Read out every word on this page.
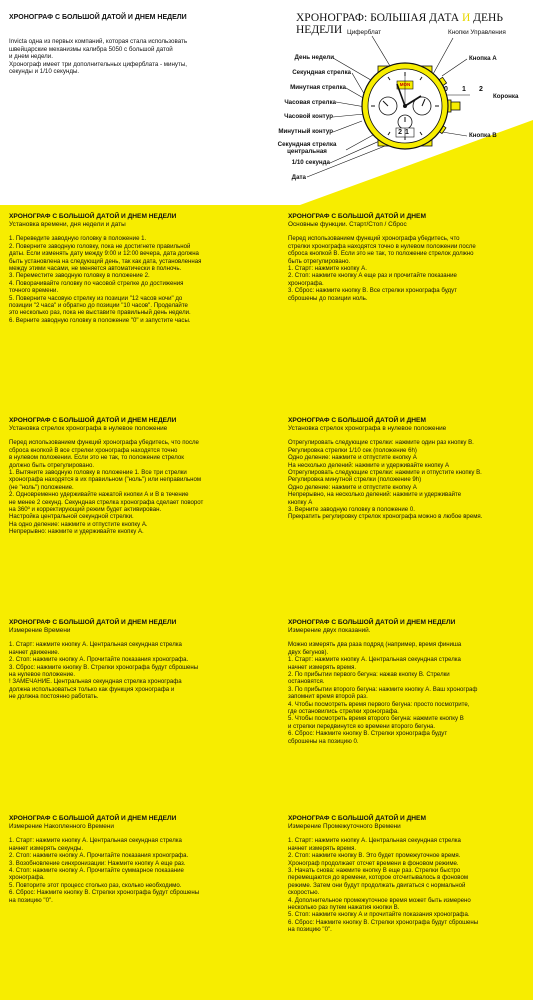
ХРОНОГРАФ С БОЛЬШОЙ ДАТОЙ И ДНЕМ НЕДЕЛИ
Invicta одна из первых компаний, которая стала использовать
швейцарские механизмы калибра 5050 с большой датой
и днем недели.
Хронограф имеет три дополнительных циферблата - минуты,
секунды и 1/10 секунды.
ХРОНОГРАФ: БОЛЬШАЯ ДАТА И ДЕНЬ НЕДЕЛИ
MON
21
Циферблат	Кнопки Управления
Кнопка А
Коронка
Кнопка В
0 1 2
День недели
Секундная стрелка
Минутная стрелка
Часовая стрелка
Часовой контур
Минутный контур
Секундная стрелка центральная
1/10 секунда
Дата
ХРОНОГРАФ С БОЛЬШОЙ ДАТОЙ И ДНЕМ НЕДЕЛИ
Установка времени, дня недели и даты
1. Переведите заводную головку в положение 1.
2. Поверните заводную головку, пока не достигнете правильной
даты. Если изменять дату между 9:00 и 12:00 вечера, дата должна
быть установлена на следующий день, так как дата, установленная
между этими часами, не меняется автоматически в полночь.
3. Переместите заводную головку в положение 2.
4. Поворачивайте головку по часовой стрелке до достижения
точного времени.
5. Поверните часовую стрелку из позиции "12 часов ночи" до
позиции "2 часа" и обратно до позиции "10 часов". Проделайте
это несколько раз, пока не выставите правильный день недели.
6. Верните заводную головку в положение "0" и запустите часы.
ХРОНОГРАФ С БОЛЬШОЙ ДАТОЙ И ДНЕМ
Основные функции. Старт/Стоп / Сброс
Перед использованием функций хронографа убедитесь, что
стрелки хронографа находятся точно в нулевом положении после
сброса кнопкой В. Если это не так, то положение стрелок должно
быть отрегулировано.
1. Старт: нажмите кнопку А.
2. Стоп: нажмите кнопку А еще раз и прочитайте показание
хронографа.
3. Сброс: нажмите кнопку В. Все стрелки хронографа будут
сброшены до позиции ноль.
ХРОНОГРАФ С БОЛЬШОЙ ДАТОЙ И ДНЕМ НЕДЕЛИ
Установка стрелок хронографа в нулевое положение
Перед использованием функций хронографа убедитесь, что после
сброса кнопкой В все стрелки хронографа находятся точно
в нулевом положении. Если это не так, то положение стрелок
должно быть отрегулировано.
1. Вытяните заводную головку в положение 1. Все три стрелки
хронографа находятся в их правильном ("ноль") или неправильном
(не "ноль") положение.
2. Одновременно удерживайте нажатой кнопки А и В в течение
не менее 2 секунд. Секундная стрелка хронографа сделает поворот
на 360º и корректирующий режим будет активирован.
Настройка центральной секундной стрелки.
На одно деление: нажмите и отпустите кнопку А.
Непрерывно: нажмите и удерживайте кнопку А.
ХРОНОГРАФ С БОЛЬШОЙ ДАТОЙ И ДНЕМ
Установка стрелок хронографа в нулевое положение
Отрегулировать следующие стрелки: нажмите один раз кнопку В.
Регулировка стрелки 1/10 сек (положение 6h)
Одно деление: нажмите и отпустите кнопку А
На несколько делений: нажмите и удерживайте кнопку А
Отрегулировать следующие стрелки: нажмите и отпустите кнопку В.
Регулировка минутной стрелки (положение 9h)
Одно деление: нажмите и отпустите кнопку А
Непрерывно, на несколько делений: нажмите и удерживайте
кнопку А
3. Верните заводную головку в положение 0.
Прекратить регулировку стрелок хронографа можно в любое время.
ХРОНОГРАФ С БОЛЬШОЙ ДАТОЙ И ДНЕМ НЕДЕЛИ
Измерение Времени
1. Старт: нажмите кнопку А. Центральная секундная стрелка
начнет движение.
2. Стоп: нажмите кнопку А. Прочитайте показания хронографа.
3. Сброс: нажмите кнопку В. Стрелки хронографа будут сброшены
на нулевое положение.
! ЗАМЕЧАНИЕ. Центральная секундная стрелка хронографа
должна использоваться только как функция хронографа и
не должна постоянно работать.
ХРОНОГРАФ С БОЛЬШОЙ ДАТОЙ И ДНЕМ НЕДЕЛИ
Измерение двух показаний.
Можно измерять два раза подряд (например, время финиша
двух бегунов).
1. Старт: нажмите кнопку А. Центральная секундная стрелка
начнет измерять время.
2. По прибытии первого бегуна: нажав кнопку В. Стрелки
остановятся.
3. По прибытии второго бегуна: нажмите кнопку А. Ваш хронограф
запомнит время второй раз.
4. Чтобы посмотреть время первого бегуна: просто посмотрите,
где остановились стрелки хронографа.
5. Чтобы посмотреть время второго бегуна: нажмите кнопку В
и стрелки передвинутся ко времени второго бегуна.
6. Сброс: Нажмите кнопку В. Стрелки хронографа будут
сброшены на позицию 0.
ХРОНОГРАФ С БОЛЬШОЙ ДАТОЙ И ДНЕМ НЕДЕЛИ
Измерение Накопленного Времени
1. Старт: нажмите кнопку А. Центральная секундная стрелка
начнет измерять секунды.
2. Стоп: нажмите кнопку А. Прочитайте показания хронографа.
3. Возобновление синхронизации: Нажмите кнопку А еще раз.
4. Стоп: нажмите кнопку А. Прочитайте суммарное показание
хронографа.
5. Повторите этот процесс столько раз, сколько необходимо.
6. Сброс: Нажмите кнопку В. Стрелки хронографа будут сброшены
на позицию "0".
ХРОНОГРАФ С БОЛЬШОЙ ДАТОЙ И ДНЕМ
Измерение Промежуточного Времени
1. Старт: нажмите кнопку А. Центральная секундная стрелка
начнет измерять время.
2. Стоп: нажмите кнопку В. Это будет промежуточное время.
Хронограф продолжает отсчет времени в фоновом режиме.
3. Начать снова: нажмите кнопку В еще раз. Стрелки быстро
перемещаются до времени, которое отсчитывалось в фоновом
режиме. Затем они будут продолжать двигаться с нормальной
скоростью.
4. Дополнительное промежуточное время может быть измерено
несколько раз путем нажатия кнопки В.
5. Стоп: нажмите кнопку А и прочитайте показания хронографа.
6. Сброс: Нажмите кнопку В. Стрелки хронографа будут сброшены
на позицию "0".
